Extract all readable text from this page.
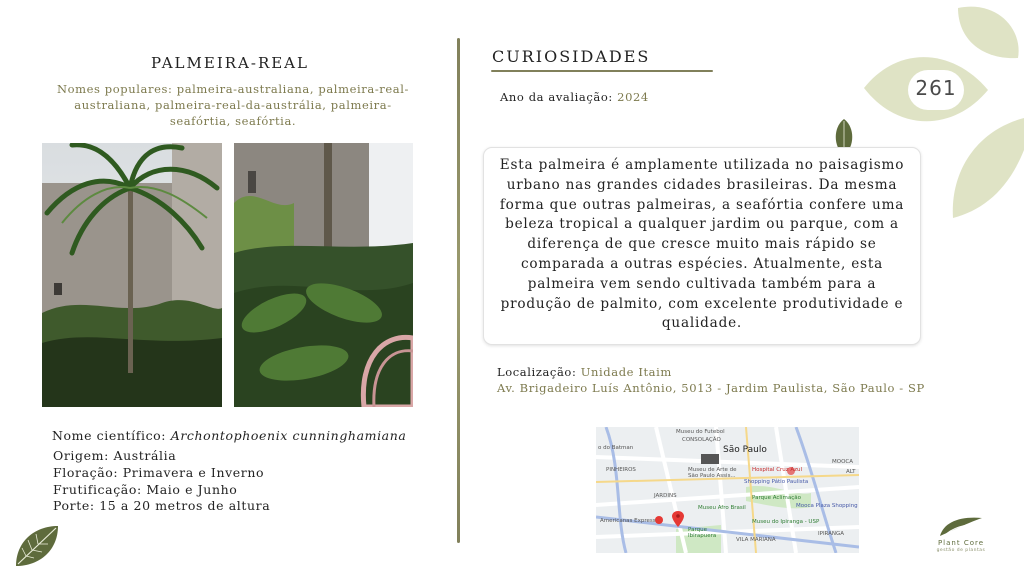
261
PALMEIRA-REAL
Nomes populares: palmeira-australiana, palmeira-real-
australiana, palmeira-real-da-austrália, palmeira-
seafórtia, seafórtia.
Nome científico: Archontophoenix cunninghamiana
Origem: Austrália
Floração: Primavera e Inverno
Frutificação: Maio e Junho
Porte: 15 a 20 metros de altura
CURIOSIDADES
Ano da avaliação: 2024

Esta palmeira é amplamente utilizada no paisagismo urbano nas grandes cidades brasileiras. Da mesma forma que outras palmeiras, a seafórtia confere uma beleza tropical a qualquer jardim ou parque, com a diferença de que cresce muito mais rápido se comparada a outras espécies. Atualmente, esta palmeira vem sendo cultivada também para a produção de palmito, com excelente produtividade e qualidade.

Localização: Unidade Itaim
Av. Brigadeiro Luís Antônio, 5013 - Jardim Paulista, São Paulo - SP
Museu do Futebol
CONSOLAÇÃO
o do Batman	São Paulo
MOOCA
PINHEIROS	Museu de Arte de São Paulo Assis...
Hospital Cruz Azul
Shopping Pátio Paulista
ALT
JARDINS	Parque Aclimação
Mooca Plaza Shopping
Museu Afro Brasil
Americanas Express	Museu do Ipiranga - USP
Parque Ibirapuera
VILA MARIANA
IPIRANGA
Plant Core
gestão de plantas
